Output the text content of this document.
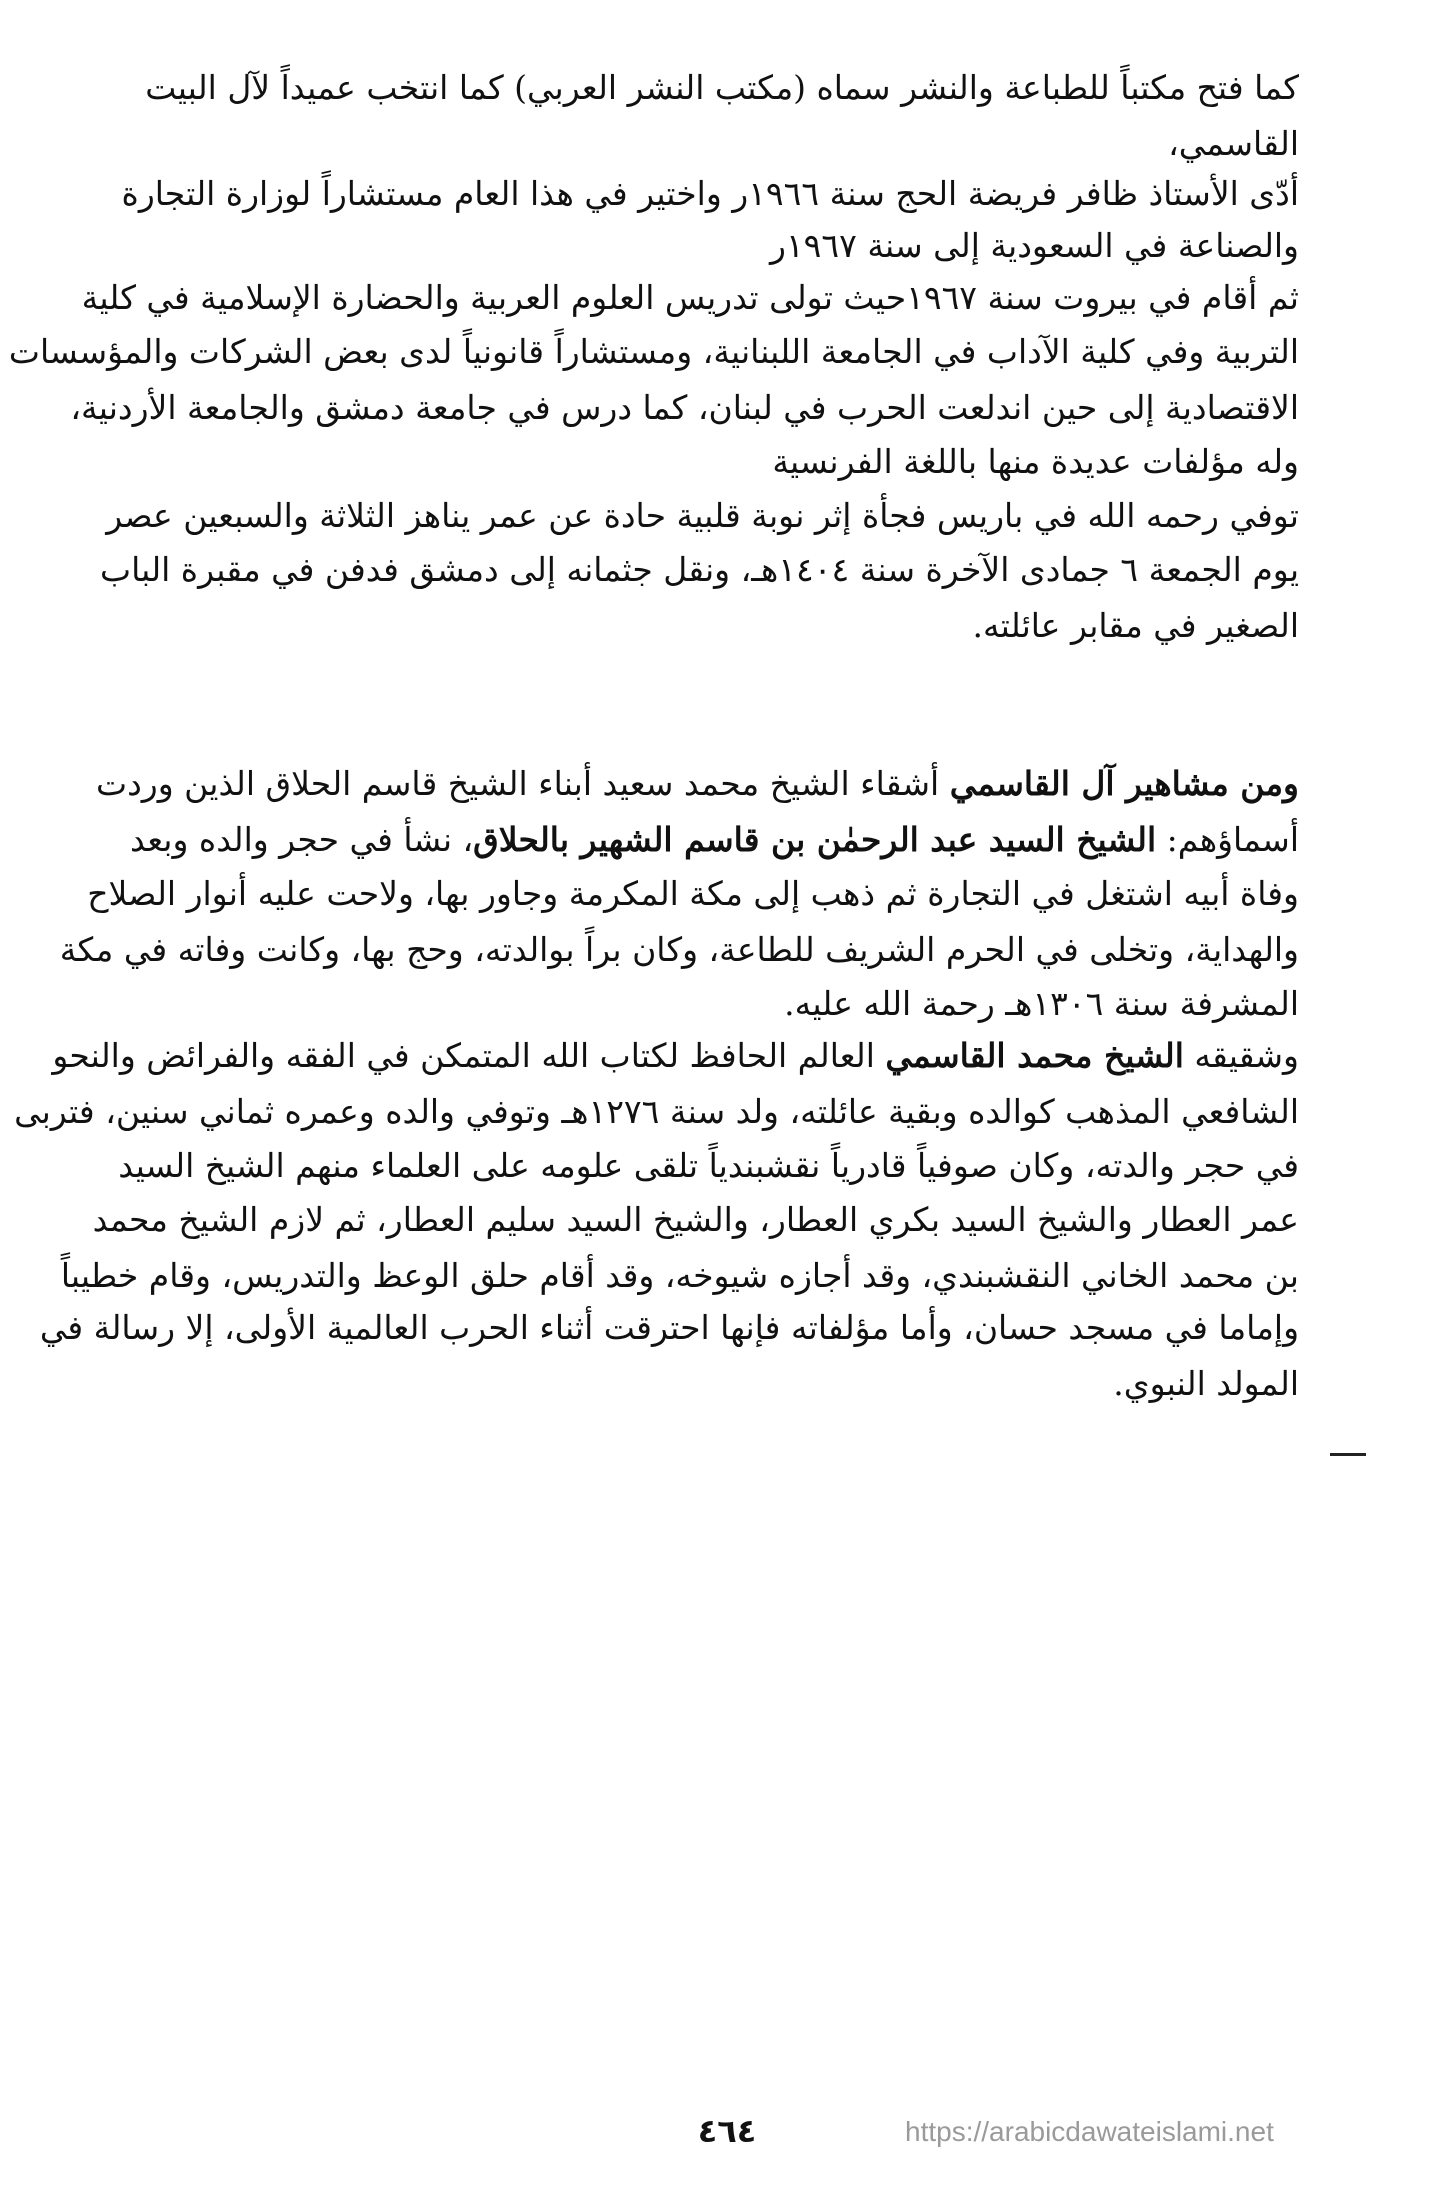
كما فتح مكتباً للطباعة والنشر سماه (مكتب النشر العربي) كما انتخب عميداً لآل البيت
القاسمي،
أدّى الأستاذ ظافر فريضة الحج سنة ١٩٦٦ر واختير في هذا العام مستشاراً لوزارة التجارة
والصناعة في السعودية إلى سنة ١٩٦٧ر
ثم أقام في بيروت سنة ١٩٦٧حيث تولى تدريس العلوم العربية والحضارة الإسلامية في كلية
التربية وفي كلية الآداب في الجامعة اللبنانية، ومستشاراً قانونياً لدى بعض الشركات والمؤسسات
الاقتصادية إلى حين اندلعت الحرب في لبنان، كما درس في جامعة دمشق والجامعة الأردنية،
وله مؤلفات عديدة منها باللغة الفرنسية
توفي رحمه الله في باريس فجأة إثر نوبة قلبية حادة عن عمر يناهز الثلاثة والسبعين عصر
يوم الجمعة ٦ جمادى الآخرة سنة ١٤٠٤هـ، ونقل جثمانه إلى دمشق فدفن في مقبرة الباب
الصغير في مقابر عائلته.
ومن مشاهير آل القاسمي أشقاء الشيخ محمد سعيد أبناء الشيخ قاسم الحلاق الذين وردت
أسماؤهم: الشيخ السيد عبد الرحمٰن بن قاسم الشهير بالحلاق، نشأ في حجر والده وبعد
وفاة أبيه اشتغل في التجارة ثم ذهب إلى مكة المكرمة وجاور بها، ولاحت عليه أنوار الصلاح
والهداية، وتخلى في الحرم الشريف للطاعة، وكان براً بوالدته، وحج بها، وكانت وفاته في مكة
المشرفة سنة ١٣٠٦هـ رحمة الله عليه.
وشقيقه الشيخ محمد القاسمي العالم الحافظ لكتاب الله المتمكن في الفقه والفرائض والنحو
الشافعي المذهب كوالده وبقية عائلته، ولد سنة ١٢٧٦هـ وتوفي والده وعمره ثماني سنين، فتربى
في حجر والدته، وكان صوفياً قادرياً نقشبندياً تلقى علومه على العلماء منهم الشيخ السيد
عمر العطار والشيخ السيد بكري العطار، والشيخ السيد سليم العطار، ثم لازم الشيخ محمد
بن محمد الخاني النقشبندي، وقد أجازه شيوخه، وقد أقام حلق الوعظ والتدريس، وقام خطيباً
وإماما في مسجد حسان، وأما مؤلفاته فإنها احترقت أثناء الحرب العالمية الأولى، إلا رسالة في
المولد النبوي.
٤٦٤	https://arabicdawateislami.net
